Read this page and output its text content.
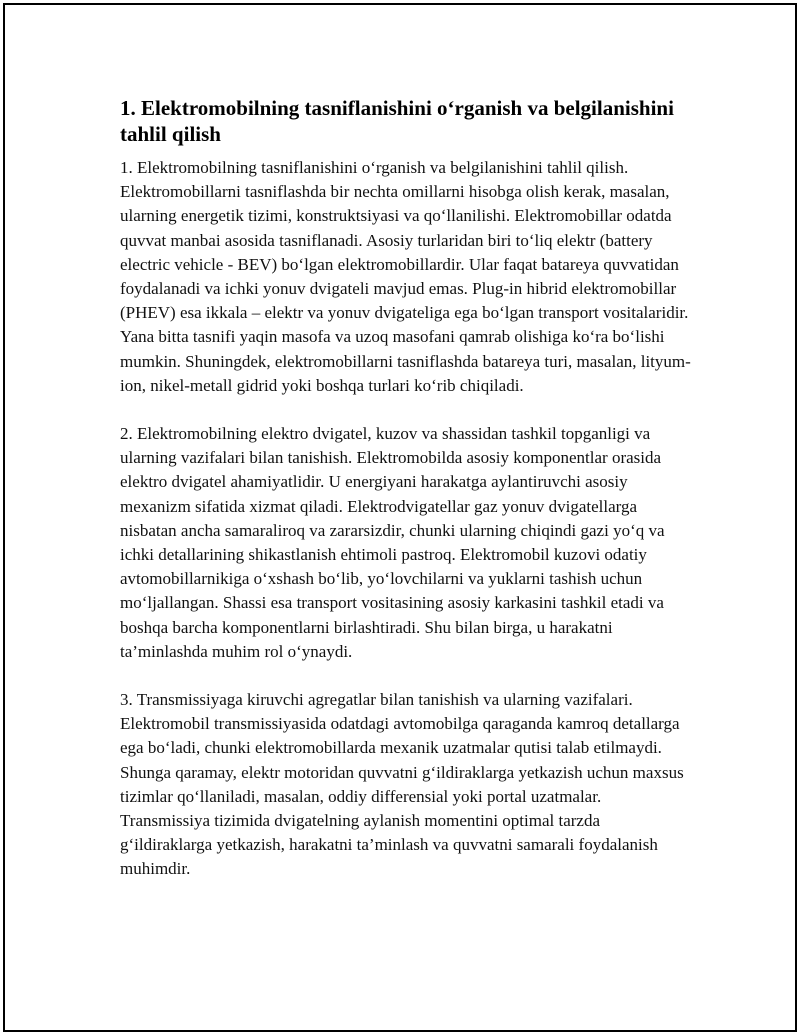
1. Elektromobilning tasniflanishini o‘rganish va belgilanishini tahlil qilish

1. Elektromobilning tasniflanishini o‘rganish va belgilanishini tahlil qilish. Elektromobillarni tasniflashda bir nechta omillarni hisobga olish kerak, masalan, ularning energetik tizimi, konstruktsiyasi va qo‘llanilishi. Elektromobillar odatda quvvat manbai asosida tasniflanadi. Asosiy turlaridan biri to‘liq elektr (battery electric vehicle - BEV) bo‘lgan elektromobillardir. Ular faqat batareya quvvatidan foydalanadi va ichki yonuv dvigateli mavjud emas. Plug-in hibrid elektromobillar (PHEV) esa ikkala – elektr va yonuv dvigateliga ega bo‘lgan transport vositalaridir. Yana bitta tasnifi yaqin masofa va uzoq masofani qamrab olishiga ko‘ra bo‘lishi mumkin. Shuningdek, elektromobillarni tasniflashda batareya turi, masalan, lityum-ion, nikel-metall gidrid yoki boshqa turlari ko‘rib chiqiladi.

2. Elektromobilning elektro dvigatel, kuzov va shassidan tashkil topganligi va ularning vazifalari bilan tanishish. Elektromobilda asosiy komponentlar orasida elektro dvigatel ahamiyatlidir. U energiyani harakatga aylantiruvchi asosiy mexanizm sifatida xizmat qiladi. Elektrodvigatellar gaz yonuv dvigatellarga nisbatan ancha samaraliroq va zararsizdir, chunki ularning chiqindi gazi yo‘q va ichki detallarining shikastlanish ehtimoli pastroq. Elektromobil kuzovi odatiy avtomobillarnikiga o‘xshash bo‘lib, yo‘lovchilarni va yuklarni tashish uchun mo‘ljallangan. Shassi esa transport vositasining asosiy karkasini tashkil etadi va boshqa barcha komponentlarni birlashtiradi. Shu bilan birga, u harakatni ta’minlashda muhim rol o‘ynaydi.

3. Transmissiyaga kiruvchi agregatlar bilan tanishish va ularning vazifalari. Elektromobil transmissiyasida odatdagi avtomobilga qaraganda kamroq detallarga ega bo‘ladi, chunki elektromobillarda mexanik uzatmalar qutisi talab etilmaydi. Shunga qaramay, elektr motoridan quvvatni g‘ildiraklarga yetkazish uchun maxsus tizimlar qo‘llaniladi, masalan, oddiy differensial yoki portal uzatmalar. Transmissiya tizimida dvigatelning aylanish momentini optimal tarzda g‘ildiraklarga yetkazish, harakatni ta’minlash va quvvatni samarali foydalanish muhimdir.
